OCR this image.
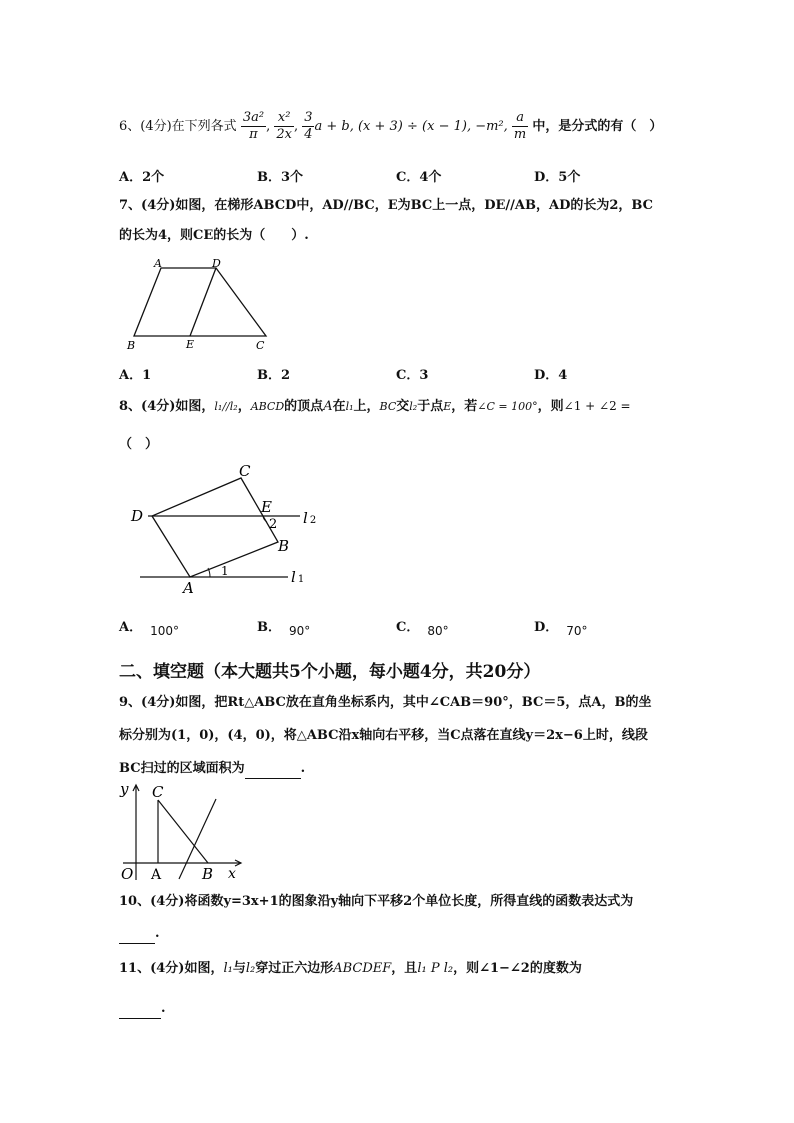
6、(4分)在下列各式 $\frac{\text{3a²}}{\pi}$ , $\frac{\text{x²}}{2x}$ , $\frac{3}{4}$ a + b, (x + 3) ÷ (x − 1), −m², $\frac{a}{m}$ 中，是分式的有（　）
A．2个	B．3个	C．4个	D．5个
7、(4分)如图，在梯形ABCD中，AD//BC，E为BC上一点，DE//AB，AD的长为2，BC
的长为4，则CE的长为（　　）.
A	D
B	E	C
A．1	B．2	C．3	D．4
8、(4分)如图，l₁//l₂，ABCD的顶点A在l₁上，BC交l₂于点E，若∠C = 100°，则∠1 + ∠2 =
（　）
C
D	E
l 2
2
B
A
1	l 1
A． 100°	B． 90°	C． 80°	D． 70°
二、填空题（本大题共5个小题，每小题4分，共20分）
9、(4分)如图，把Rt△ABC放在直角坐标系内，其中∠CAB＝90°，BC＝5，点A，B的坐
标分别为(1，0)，(4，0)，将△ABC沿x轴向右平移，当C点落在直线y＝2x−6上时，线段
BC扫过的区域面积为	.
y C
O A	B x
10、(4分)将函数y=3x+1的图象沿y轴向下平移2个单位长度，所得直线的函数表达式为
.
11、(4分)如图，l₁与l₂穿过正六边形ABCDEF，且l₁ P l₂，则∠1−∠2的度数为
.
